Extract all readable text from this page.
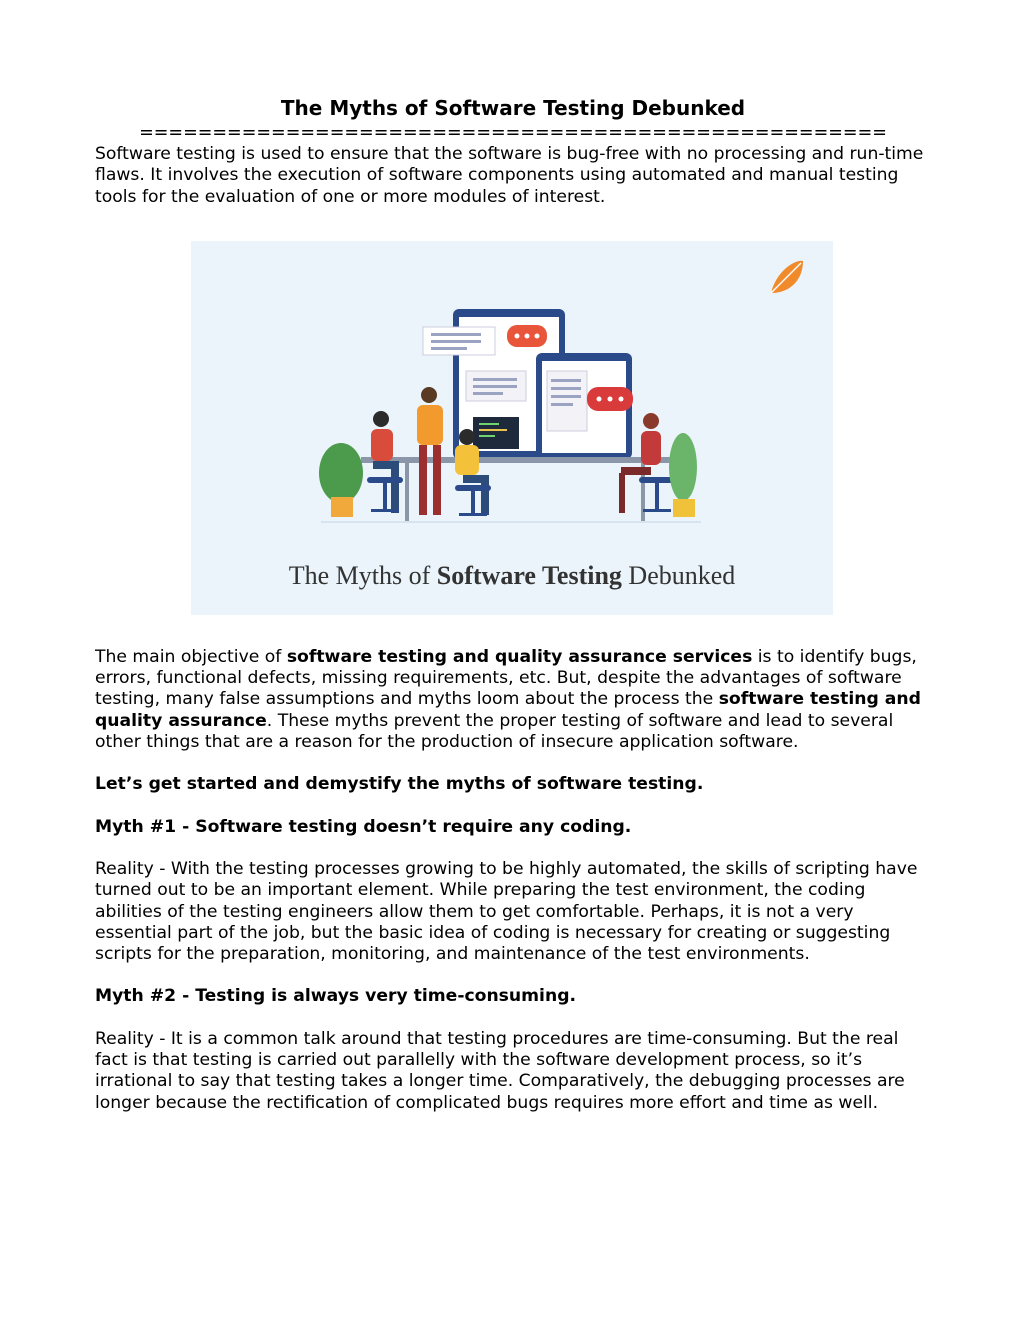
The Myths of Software Testing Debunked
===================================================

Software testing is used to ensure that the software is bug-free with no processing and run-time flaws. It involves the execution of software components using automated and manual testing tools for the evaluation of one or more modules of interest.

The Myths of Software Testing Debunked

The main objective of software testing and quality assurance services is to identify bugs, errors, functional defects, missing requirements, etc. But, despite the advantages of software testing, many false assumptions and myths loom about the process the software testing and quality assurance. These myths prevent the proper testing of software and lead to several other things that are a reason for the production of insecure application software.

Let’s get started and demystify the myths of software testing.

Myth #1 - Software testing doesn’t require any coding.

Reality - With the testing processes growing to be highly automated, the skills of scripting have turned out to be an important element. While preparing the test environment, the coding abilities of the testing engineers allow them to get comfortable. Perhaps, it is not a very essential part of the job, but the basic idea of coding is necessary for creating or suggesting scripts for the preparation, monitoring, and maintenance of the test environments.

Myth #2 - Testing is always very time-consuming.

Reality - It is a common talk around that testing procedures are time-consuming. But the real fact is that testing is carried out parallelly with the software development process, so it’s irrational to say that testing takes a longer time. Comparatively, the debugging processes are longer because the rectification of complicated bugs requires more effort and time as well.
